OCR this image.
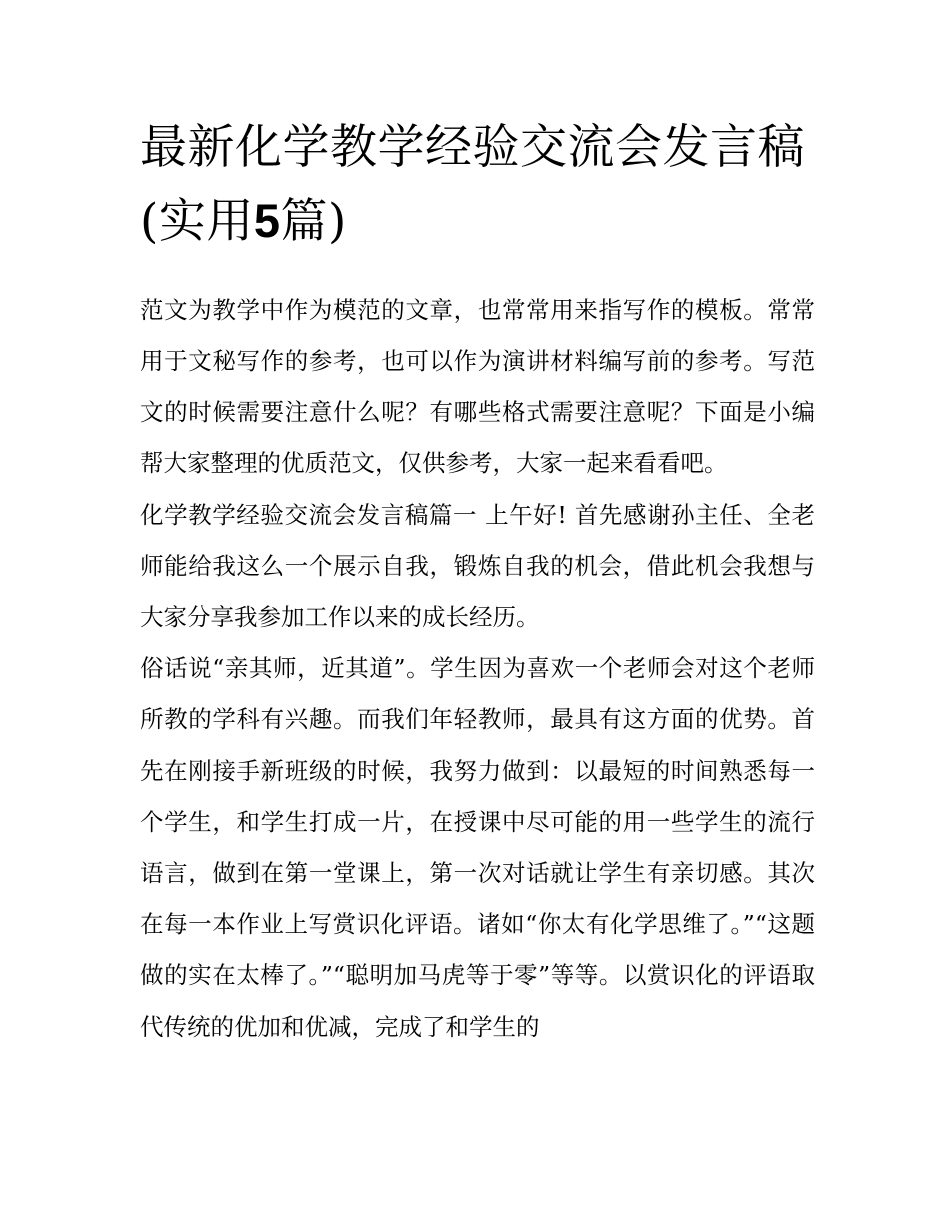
最新化学教学经验交流会发言稿(实用5篇)

范文为教学中作为模范的文章，也常常用来指写作的模板。常常用于文秘写作的参考，也可以作为演讲材料编写前的参考。写范文的时候需要注意什么呢？有哪些格式需要注意呢？下面是小编帮大家整理的优质范文，仅供参考，大家一起来看看吧。

化学教学经验交流会发言稿篇一 上午好! 首先感谢孙主任、全老师能给我这么一个展示自我，锻炼自我的机会，借此机会我想与大家分享我参加工作以来的成长经历。

俗话说“亲其师，近其道”。学生因为喜欢一个老师会对这个老师所教的学科有兴趣。而我们年轻教师，最具有这方面的优势。首先在刚接手新班级的时候，我努力做到：以最短的时间熟悉每一个学生，和学生打成一片，在授课中尽可能的用一些学生的流行语言，做到在第一堂课上，第一次对话就让学生有亲切感。其次在每一本作业上写赏识化评语。诸如“你太有化学思维了。”“这题做的实在太棒了。”“聪明加马虎等于零”等等。以赏识化的评语取代传统的优加和优减，完成了和学生的
